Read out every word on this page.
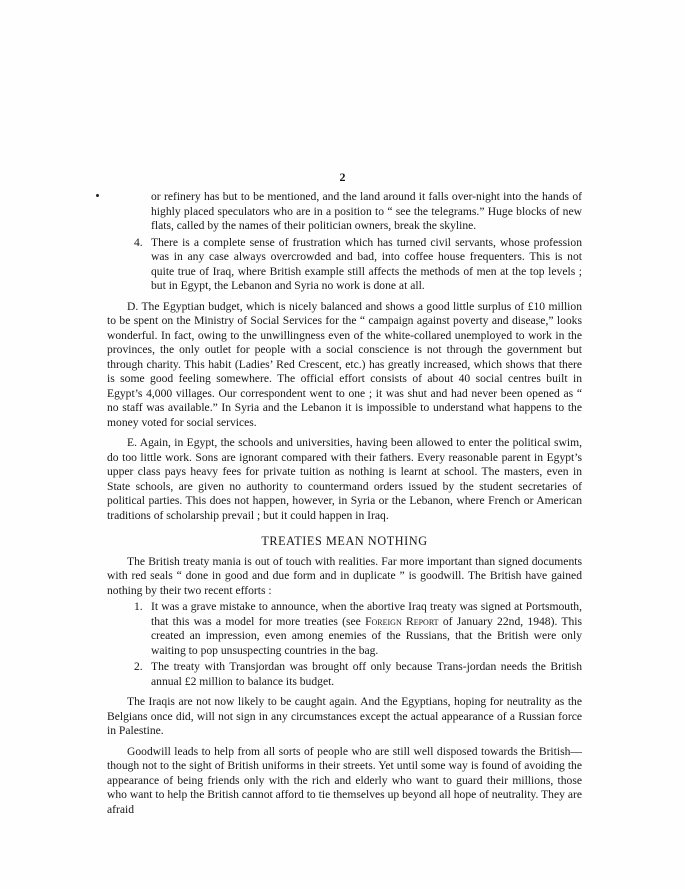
2

or refinery has but to be mentioned, and the land around it falls over-night into the hands of highly placed speculators who are in a position to “ see the telegrams.” Huge blocks of new flats, called by the names of their politician owners, break the skyline.

4. There is a complete sense of frustration which has turned civil servants, whose profession was in any case always overcrowded and bad, into coffee house frequenters. This is not quite true of Iraq, where British example still affects the methods of men at the top levels ; but in Egypt, the Lebanon and Syria no work is done at all.

D. The Egyptian budget, which is nicely balanced and shows a good little surplus of £10 million to be spent on the Ministry of Social Services for the “ campaign against poverty and disease,” looks wonderful. In fact, owing to the unwillingness even of the white-collared unemployed to work in the provinces, the only outlet for people with a social conscience is not through the government but through charity. This habit (Ladies’ Red Crescent, etc.) has greatly increased, which shows that there is some good feeling somewhere. The official effort consists of about 40 social centres built in Egypt’s 4,000 villages. Our correspondent went to one ; it was shut and had never been opened as “ no staff was available.” In Syria and the Lebanon it is impossible to understand what happens to the money voted for social services.

E. Again, in Egypt, the schools and universities, having been allowed to enter the political swim, do too little work. Sons are ignorant compared with their fathers. Every reasonable parent in Egypt’s upper class pays heavy fees for private tuition as nothing is learnt at school. The masters, even in State schools, are given no authority to countermand orders issued by the student secretaries of political parties. This does not happen, however, in Syria or the Lebanon, where French or American traditions of scholarship prevail ; but it could happen in Iraq.

TREATIES MEAN NOTHING

The British treaty mania is out of touch with realities. Far more important than signed documents with red seals “ done in good and due form and in duplicate ” is goodwill. The British have gained nothing by their two recent efforts :

1. It was a grave mistake to announce, when the abortive Iraq treaty was signed at Portsmouth, that this was a model for more treaties (see Foreign Report of January 22nd, 1948). This created an impression, even among enemies of the Russians, that the British were only waiting to pop unsuspecting countries in the bag.
2. The treaty with Transjordan was brought off only because Trans-jordan needs the British annual £2 million to balance its budget.

The Iraqis are not now likely to be caught again. And the Egyptians, hoping for neutrality as the Belgians once did, will not sign in any circumstances except the actual appearance of a Russian force in Palestine.

Goodwill leads to help from all sorts of people who are still well disposed towards the British—though not to the sight of British uniforms in their streets. Yet until some way is found of avoiding the appearance of being friends only with the rich and elderly who want to guard their millions, those who want to help the British cannot afford to tie themselves up beyond all hope of neutrality. They are afraid
